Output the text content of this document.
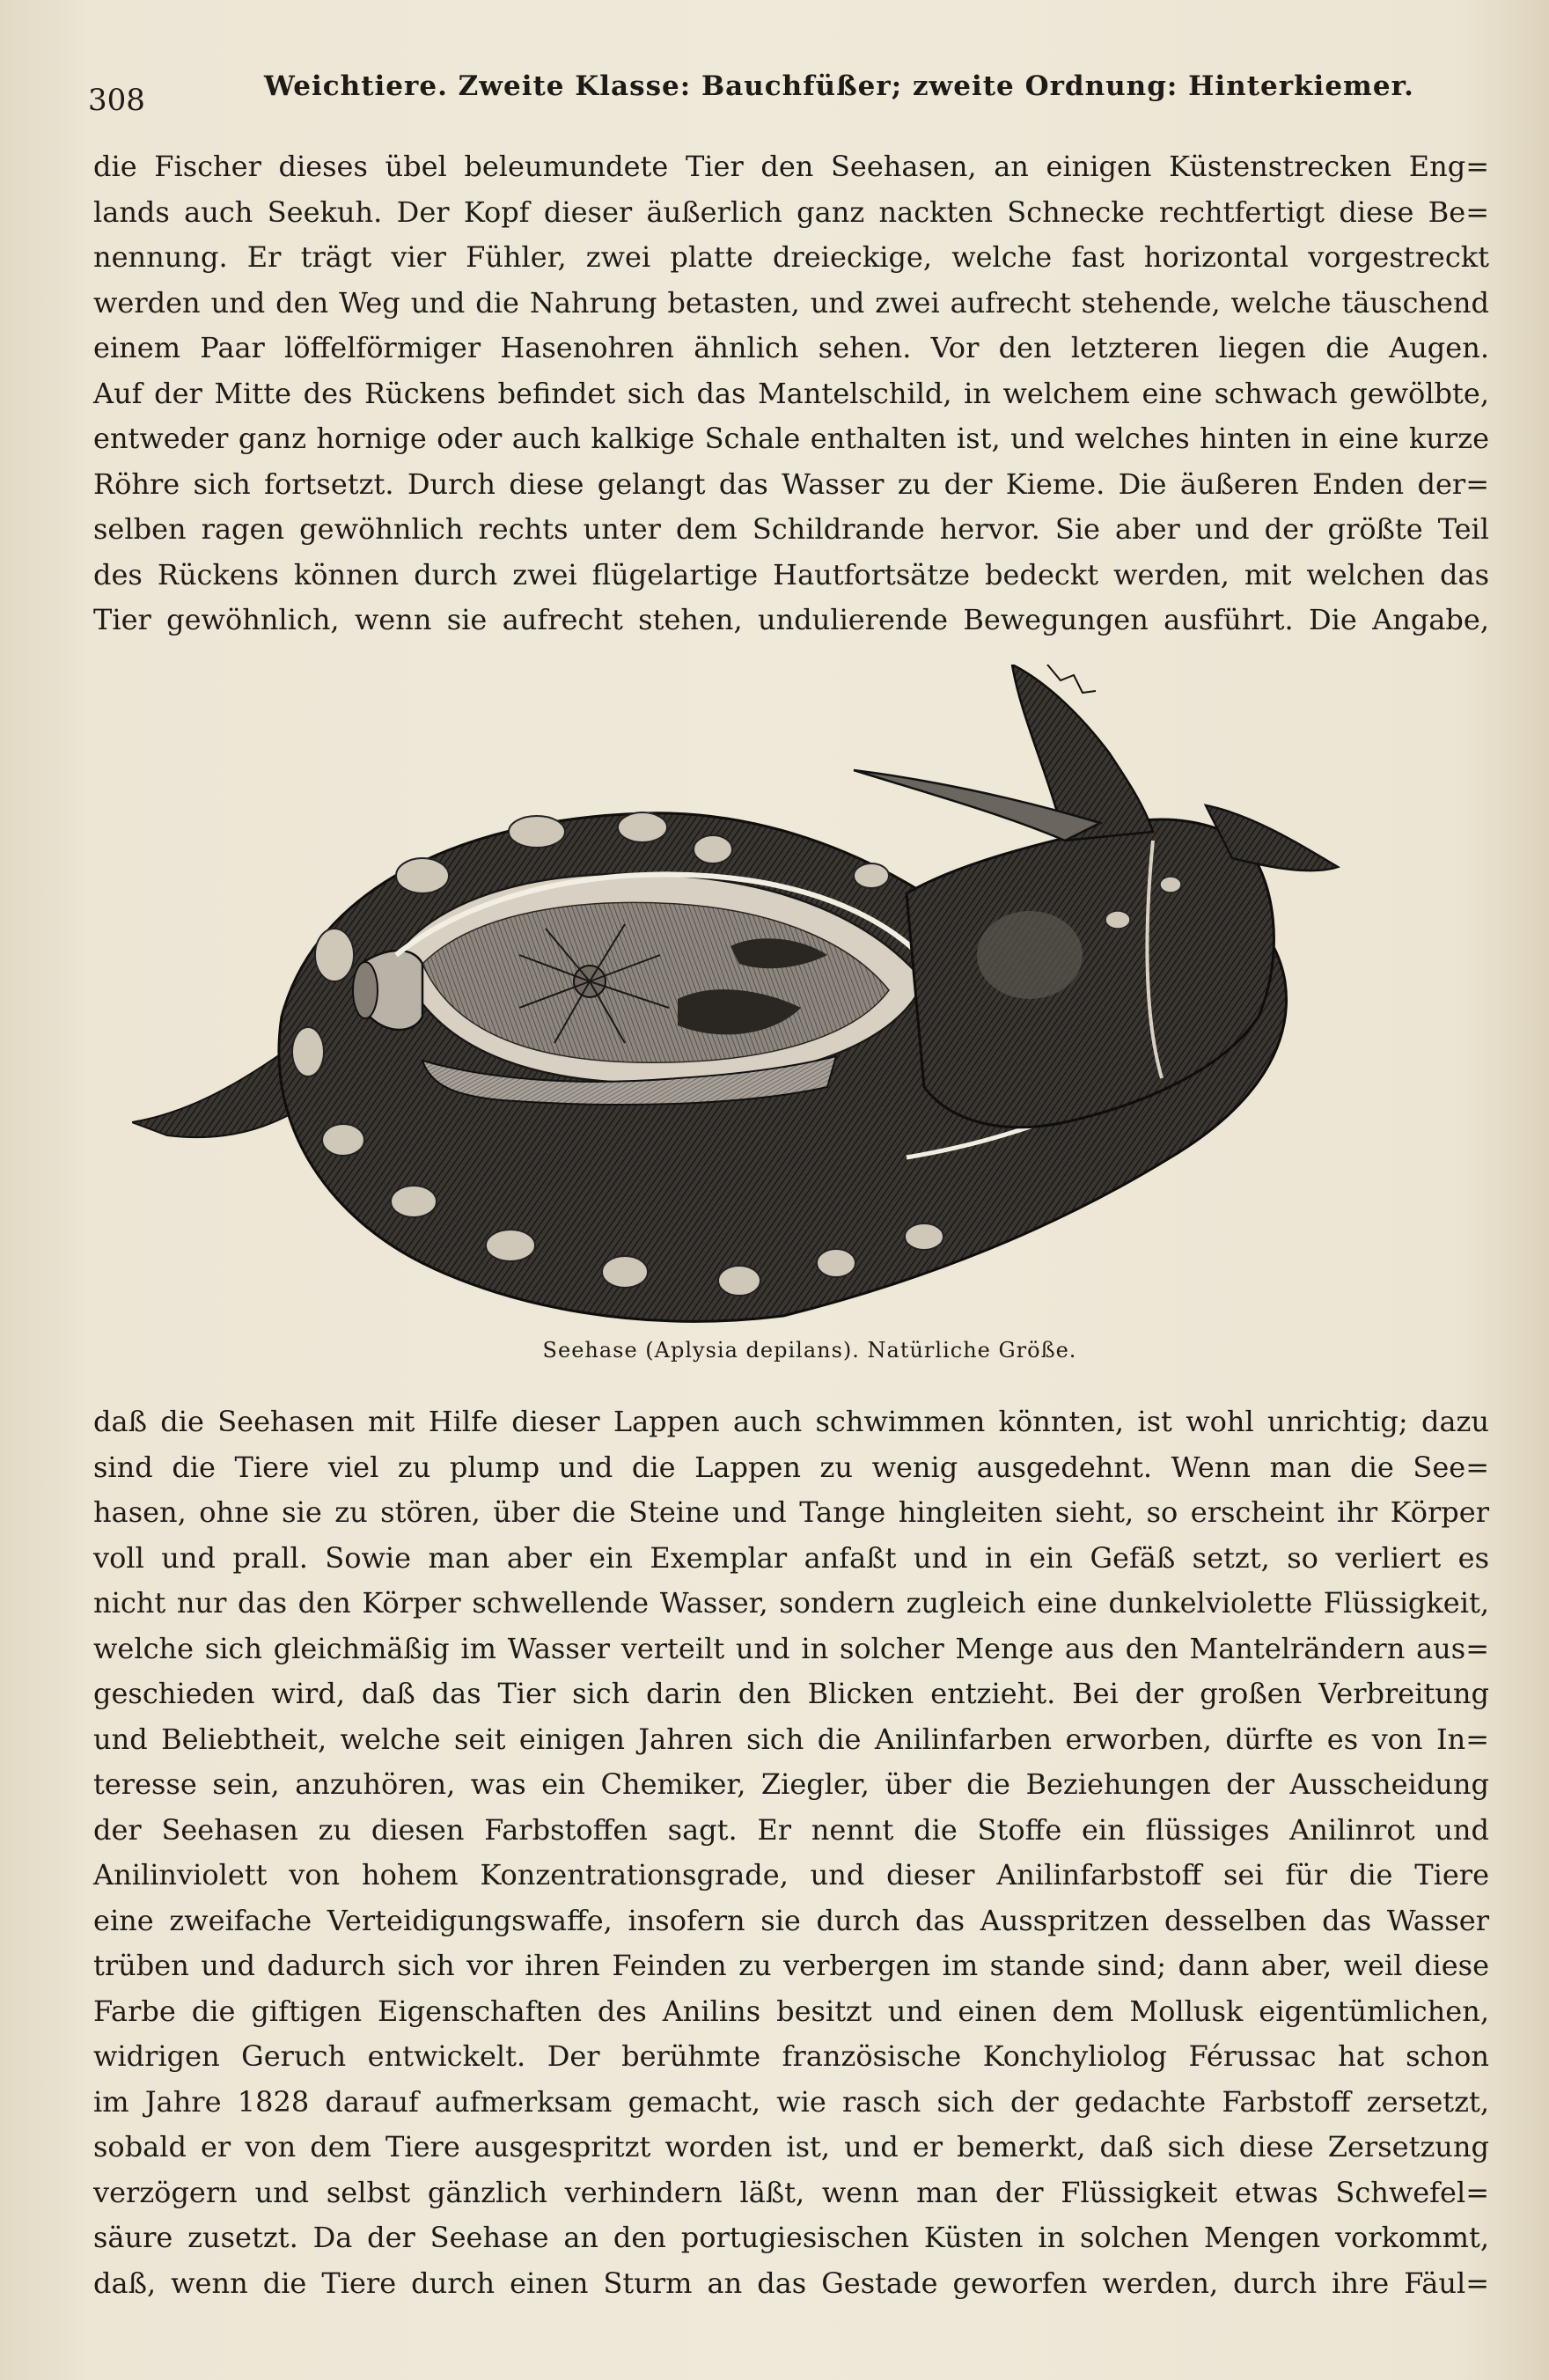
308	Weichtiere. Zweite Klasse: Bauchfüßer; zweite Ordnung: Hinterkiemer.
die Fischer dieses übel beleumundete Tier den Seehasen, an einigen Küstenstrecken Eng=
lands auch Seekuh. Der Kopf dieser äußerlich ganz nackten Schnecke rechtfertigt diese Be=
nennung. Er trägt vier Fühler, zwei platte dreieckige, welche fast horizontal vorgestreckt
werden und den Weg und die Nahrung betasten, und zwei aufrecht stehende, welche täuschend
einem Paar löffelförmiger Hasenohren ähnlich sehen. Vor den letzteren liegen die Augen.
Auf der Mitte des Rückens befindet sich das Mantelschild, in welchem eine schwach gewölbte,
entweder ganz hornige oder auch kalkige Schale enthalten ist, und welches hinten in eine kurze
Röhre sich fortsetzt. Durch diese gelangt das Wasser zu der Kieme. Die äußeren Enden der=
selben ragen gewöhnlich rechts unter dem Schildrande hervor. Sie aber und der größte Teil
des Rückens können durch zwei flügelartige Hautfortsätze bedeckt werden, mit welchen das
Tier gewöhnlich, wenn sie aufrecht stehen, undulierende Bewegungen ausführt. Die Angabe,
Seehase (Aplysia depilans). Natürliche Größe.
daß die Seehasen mit Hilfe dieser Lappen auch schwimmen könnten, ist wohl unrichtig; dazu
sind die Tiere viel zu plump und die Lappen zu wenig ausgedehnt. Wenn man die See=
hasen, ohne sie zu stören, über die Steine und Tange hingleiten sieht, so erscheint ihr Körper
voll und prall. Sowie man aber ein Exemplar anfaßt und in ein Gefäß setzt, so verliert es
nicht nur das den Körper schwellende Wasser, sondern zugleich eine dunkelviolette Flüssigkeit,
welche sich gleichmäßig im Wasser verteilt und in solcher Menge aus den Mantelrändern aus=
geschieden wird, daß das Tier sich darin den Blicken entzieht. Bei der großen Verbreitung
und Beliebtheit, welche seit einigen Jahren sich die Anilinfarben erworben, dürfte es von In=
teresse sein, anzuhören, was ein Chemiker, Ziegler, über die Beziehungen der Ausscheidung
der Seehasen zu diesen Farbstoffen sagt. Er nennt die Stoffe ein flüssiges Anilinrot und
Anilinviolett von hohem Konzentrationsgrade, und dieser Anilinfarbstoff sei für die Tiere
eine zweifache Verteidigungswaffe, insofern sie durch das Ausspritzen desselben das Wasser
trüben und dadurch sich vor ihren Feinden zu verbergen im stande sind; dann aber, weil diese
Farbe die giftigen Eigenschaften des Anilins besitzt und einen dem Mollusk eigentümlichen,
widrigen Geruch entwickelt. Der berühmte französische Konchyliolog Férussac hat schon
im Jahre 1828 darauf aufmerksam gemacht, wie rasch sich der gedachte Farbstoff zersetzt,
sobald er von dem Tiere ausgespritzt worden ist, und er bemerkt, daß sich diese Zersetzung
verzögern und selbst gänzlich verhindern läßt, wenn man der Flüssigkeit etwas Schwefel=
säure zusetzt. Da der Seehase an den portugiesischen Küsten in solchen Mengen vorkommt,
daß, wenn die Tiere durch einen Sturm an das Gestade geworfen werden, durch ihre Fäul=
